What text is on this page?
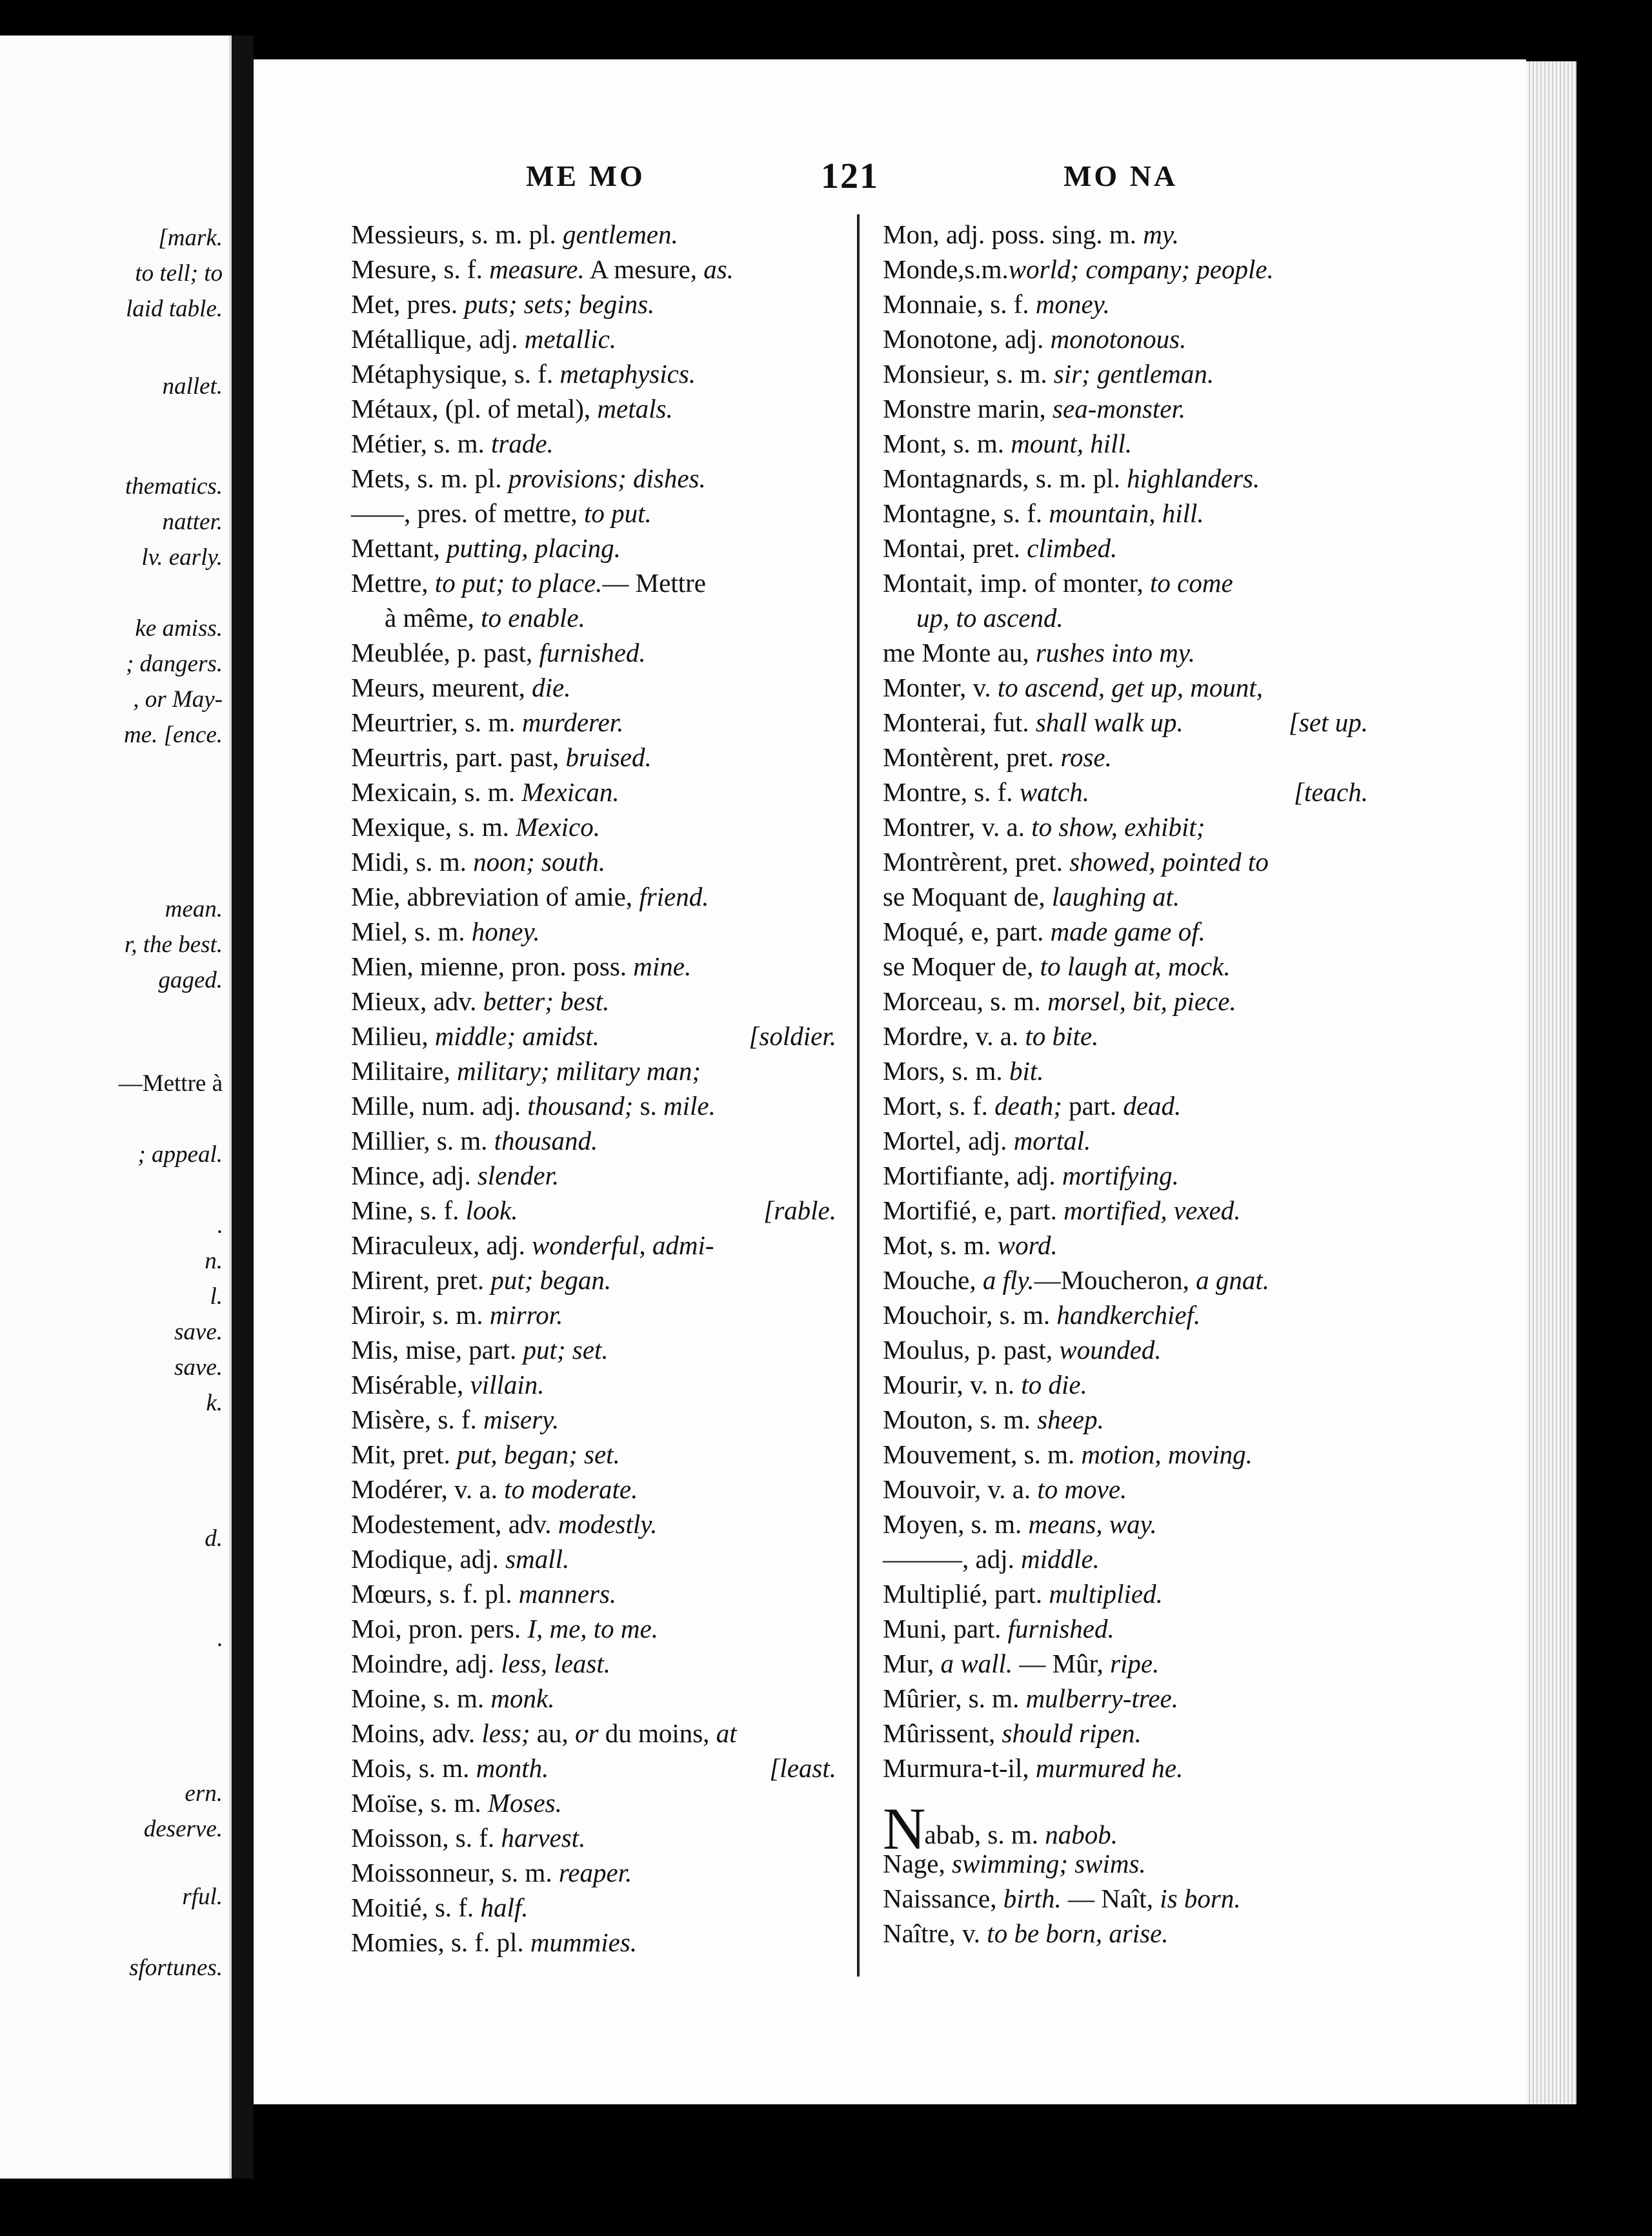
[mark.
to tell; to
laid table.
nallet.
thematics.
natter.
lv. early.
ke amiss.
; dangers.
, or May-
me. [ence.
mean.
r, the best.
gaged.
—Mettre à
; appeal.
.
n.
l.
save.
save.
k.
d.
.
ern.
deserve.
rful.
sfortunes.
ME MO	121	MO NA
Messieurs, s. m. pl. gentlemen.
Mesure, s. f. measure. A mesure, as.
Met, pres. puts; sets; begins.
Métallique, adj. metallic.
Métaphysique, s. f. metaphysics.
Métaux, (pl. of metal), metals.
Métier, s. m. trade.
Mets, s. m. pl. provisions; dishes.
——, pres. of mettre, to put.
Mettant, putting, placing.
Mettre, to put; to place.— Mettre
à même, to enable.
Meublée, p. past, furnished.
Meurs, meurent, die.
Meurtrier, s. m. murderer.
Meurtris, part. past, bruised.
Mexicain, s. m. Mexican.
Mexique, s. m. Mexico.
Midi, s. m. noon; south.
Mie, abbreviation of amie, friend.
Miel, s. m. honey.
Mien, mienne, pron. poss. mine.
Mieux, adv. better; best.
Milieu, middle; amidst.	[soldier.
Militaire, military; military man;
Mille, num. adj. thousand; s. mile.
Millier, s. m. thousand.
Mince, adj. slender.
Mine, s. f. look.	[rable.
Miraculeux, adj. wonderful, admi-
Mirent, pret. put; began.
Miroir, s. m. mirror.
Mis, mise, part. put; set.
Misérable, villain.
Misère, s. f. misery.
Mit, pret. put, began; set.
Modérer, v. a. to moderate.
Modestement, adv. modestly.
Modique, adj. small.
Mœurs, s. f. pl. manners.
Moi, pron. pers. I, me, to me.
Moindre, adj. less, least.
Moine, s. m. monk.
Moins, adv. less; au, or du moins, at
Mois, s. m. month.	[least.
Moïse, s. m. Moses.
Moisson, s. f. harvest.
Moissonneur, s. m. reaper.
Moitié, s. f. half.
Momies, s. f. pl. mummies.
Mon, adj. poss. sing. m. my.
Monde,s.m.world; company; people.
Monnaie, s. f. money.
Monotone, adj. monotonous.
Monsieur, s. m. sir; gentleman.
Monstre marin, sea-monster.
Mont, s. m. mount, hill.
Montagnards, s. m. pl. highlanders.
Montagne, s. f. mountain, hill.
Montai, pret. climbed.
Montait, imp. of monter, to come
up, to ascend.
me Monte au, rushes into my.
Monter, v. to ascend, get up, mount,
Monterai, fut. shall walk up.	[set up.
Montèrent, pret. rose.
Montre, s. f. watch.	[teach.
Montrer, v. a. to show, exhibit;
Montrèrent, pret. showed, pointed to
se Moquant de, laughing at.
Moqué, e, part. made game of.
se Moquer de, to laugh at, mock.
Morceau, s. m. morsel, bit, piece.
Mordre, v. a. to bite.
Mors, s. m. bit.
Mort, s. f. death; part. dead.
Mortel, adj. mortal.
Mortifiante, adj. mortifying.
Mortifié, e, part. mortified, vexed.
Mot, s. m. word.
Mouche, a fly.—Moucheron, a gnat.
Mouchoir, s. m. handkerchief.
Moulus, p. past, wounded.
Mourir, v. n. to die.
Mouton, s. m. sheep.
Mouvement, s. m. motion, moving.
Mouvoir, v. a. to move.
Moyen, s. m. means, way.
———, adj. middle.
Multiplié, part. multiplied.
Muni, part. furnished.
Mur, a wall. — Mûr, ripe.
Mûrier, s. m. mulberry-tree.
Mûrissent, should ripen.
Murmura-t-il, murmured he.
Nabab, s. m. nabob.
Nage, swimming; swims.
Naissance, birth. — Naît, is born.
Naître, v. to be born, arise.
